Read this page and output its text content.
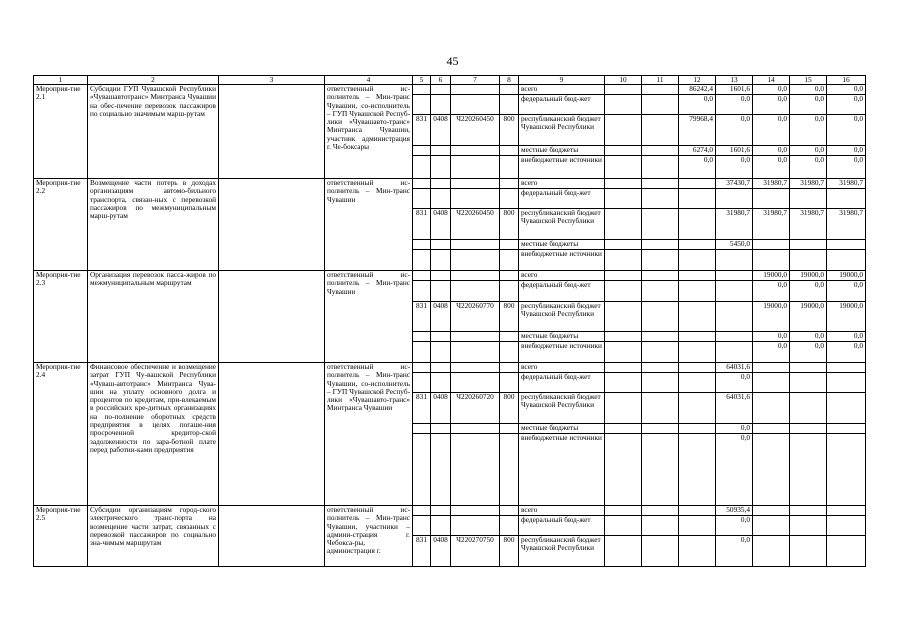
45
1	2	3	4	5	6	7	8	9	10	11	12	13	14	15	16
Мероприя-тие 2.1	Субсидии ГУП Чувашской Республики «Чувашавтотранс» Минтранса Чувашии на обес-печение перевозок пассажиров по социально значимым марш-рутам		ответственный ис-полнитель – Мин-транс Чувашии, со-исполнитель – ГУП Чувашской Респуб-лики «Чувашавто-транс» Минтранса Чувашии, участник администрация г. Че-боксары					всего			86242,4	1601,6	0,0	0,0	0,0
								федеральный бюд-жет			0,0	0,0	0,0	0,0	0,0
				831	0408	Ч220260450	800	республиканский бюджет Чувашской Республики			79968,4	0,0	0,0	0,0	0,0
								местные бюджеты			6274,0	1601,6	0,0	0,0	0,0
								внебюджетные источники			0,0	0,0	0,0	0,0	0,0
Мероприя-тие 2.2	Возмещение части потерь в доходах организациям автомо-бильного транспорта, связан-ных с перевозкой пассажиров по межмуниципальным марш-рутам		ответственный ис-полнитель – Мин-транс Чувашии					всего				37430,7	31980,7	31980,7	31980,7
								федеральный бюд-жет							
				831	0408	Ч220260450	800	республиканский бюджет Чувашской Республики				31980,7	31980,7	31980,7	31980,7
								местные бюджеты				5450,0			
								внебюджетные источники							
Мероприя-тие 2.3	Организация перевозок пасса-жиров по межмуниципальным маршрутам		ответственный ис-полнитель – Мин-транс Чувашии					всего					19000,0	19000,0	19000,0
								федеральный бюд-жет					0,0	0,0	0,0
				831	0408	Ч220260770	800	республиканский бюджет Чувашской Республики					19000,0	19000,0	19000,0
								местные бюджеты					0,0	0,0	0,0
								внебюджетные источники					0,0	0,0	0,0
Мероприя-тие 2.4	Финансовое обеспечение и возмещение затрат ГУП Чу-вашской Республики «Чуваш-автотранс» Минтранса Чува-шии на уплату основного долга и процентов по кредитам, при-влекаемым в российских кре-дитных организациях на по-полнение оборотных средств предприятия в целях погаше-ния просроченной кредитор-ской задолженности по зара-ботной плате перед работни-ками предприятия		ответственный ис-полнитель – Мин-транс Чувашии, со-исполнитель – ГУП Чувашской Респуб-лики «Чувашавто-транс» Минтранса Чувашии					всего				64031,6			
								федеральный бюд-жет				0,0			
				831	0408	Ч220260720	800	республиканский бюджет Чувашской Республики				64031,6			
								местные бюджеты				0,0			
								внебюджетные источники				0,0			
Мероприя-тие 2.5	Субсидии организациям город-ского электрического транс-порта на возмещение части затрат, связанных с перевозкой пассажиров по социально зна-чимым маршрутам		ответственный ис-полнитель – Мин-транс Чувашии, участники – админи-страция г. Чебокса-ры, администрация г.					всего				50935,4			
								федеральный бюд-жет				0,0			
				831	0408	Ч220270750	800	республиканский бюджет Чувашской Республики				0,0			
